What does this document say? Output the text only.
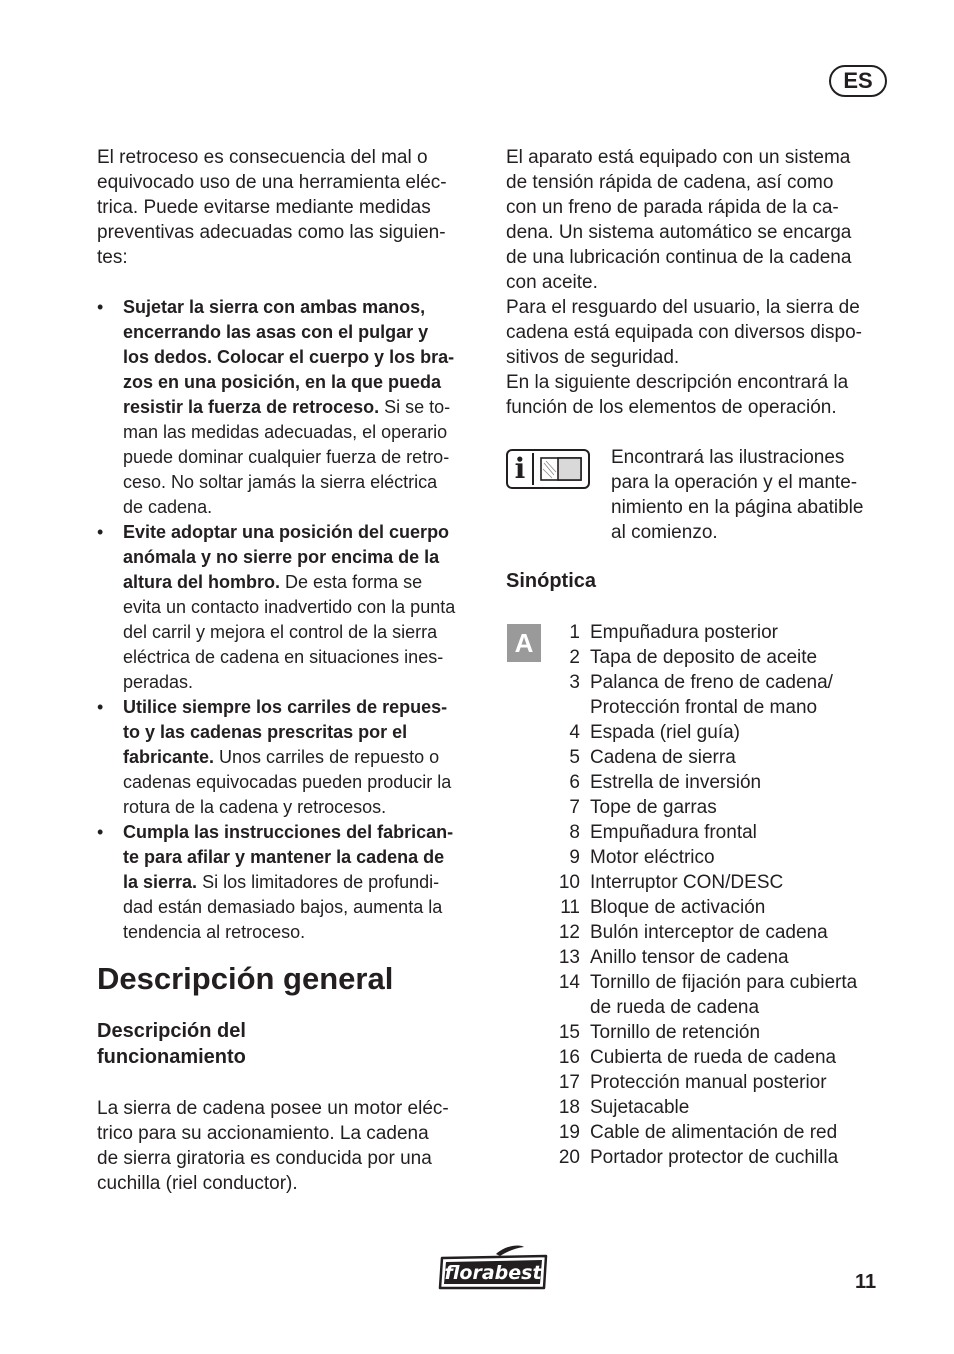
ES
El retroceso es consecuencia del mal o
equivocado uso de una herramienta eléc-
trica. Puede evitarse mediante medidas
preventivas adecuadas como las siguien-
tes:
• Sujetar la sierra con ambas manos,
encerrando las asas con el pulgar y
los dedos. Colocar el cuerpo y los bra-
zos en una posición, en la que pueda
resistir la fuerza de retroceso. Si se to-
man las medidas adecuadas, el operario
puede dominar cualquier fuerza de retro-
ceso. No soltar jamás la sierra eléctrica
de cadena.
• Evite adoptar una posición del cuerpo
anómala y no sierre por encima de la
altura del hombro. De esta forma se
evita un contacto inadvertido con la punta
del carril y mejora el control de la sierra
eléctrica de cadena en situaciones ines-
peradas.
• Utilice siempre los carriles de repues-
to y las cadenas prescritas por el
fabricante. Unos carriles de repuesto o
cadenas equivocadas pueden producir la
rotura de la cadena y retrocesos.
• Cumpla las instrucciones del fabrican-
te para afilar y mantener la cadena de
la sierra. Si los limitadores de profundi-
dad están demasiado bajos, aumenta la
tendencia al retroceso.
Descripción general
Descripción del
funcionamiento
La sierra de cadena posee un motor eléc-
trico para su accionamiento. La cadena
de sierra giratoria es conducida por una
cuchilla (riel conductor).
El aparato está equipado con un sistema
de tensión rápida de cadena, así como
con un freno de parada rápida de la ca-
dena. Un sistema automático se encarga
de una lubricación continua de la cadena
con aceite.
Para el resguardo del usuario, la sierra de
cadena está equipada con diversos dispo-
sitivos de seguridad.
En la siguiente descripción encontrará la
función de los elementos de operación.
i	Encontrará las ilustraciones
para la operación y el mante-
nimiento en la página abatible
al comienzo.
Sinóptica
A	1 Empuñadura posterior
2 Tapa de deposito de aceite
3 Palanca de freno de cadena/
Protección frontal de mano
4 Espada (riel guía)
5 Cadena de sierra
6 Estrella de inversión
7 Tope de garras
8 Empuñadura frontal
9 Motor eléctrico
10 Interruptor CON/DESC
11 Bloque de activación
12 Bulón interceptor de cadena
13 Anillo tensor de cadena
14 Tornillo de fijación para cubierta
de rueda de cadena
15 Tornillo de retención
16 Cubierta de rueda de cadena
17 Protección manual posterior
18 Sujetacable
19 Cable de alimentación de red
20 Portador protector de cuchilla
florabest	11
